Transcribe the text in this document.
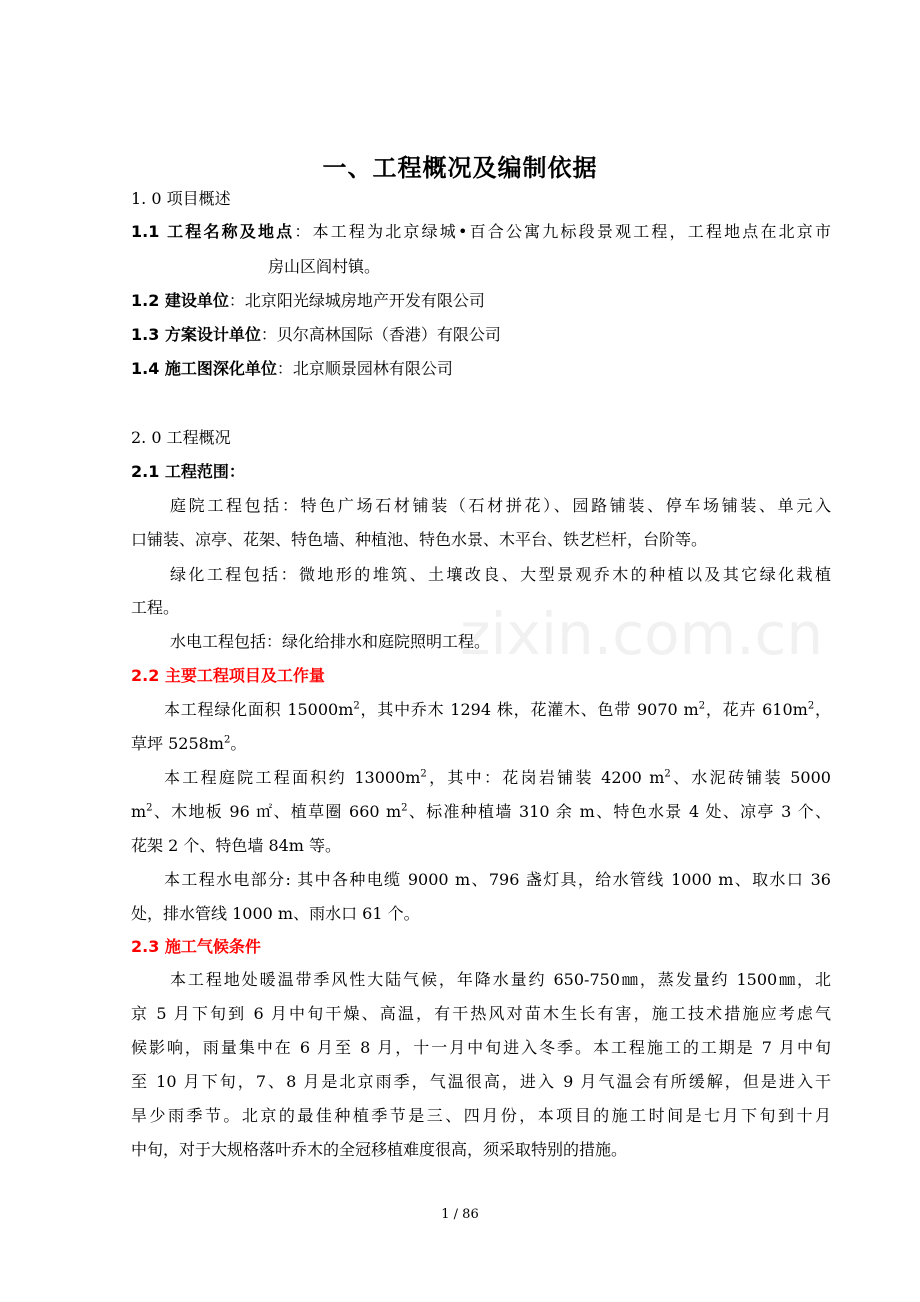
zixin.com.cn
一、工程概况及编制依据
1. 0 项目概述
1.1 工程名称及地点：本工程为北京绿城•百合公寓九标段景观工程，工程地点在北京市
房山区阎村镇。
1.2 建设单位：北京阳光绿城房地产开发有限公司
1.3 方案设计单位：贝尔高林国际（香港）有限公司
1.4 施工图深化单位：北京顺景园林有限公司
2. 0 工程概况
2.1 工程范围：
庭院工程包括：特色广场石材铺装（石材拼花）、园路铺装、停车场铺装、单元入
口铺装、凉亭、花架、特色墙、种植池、特色水景、木平台、铁艺栏杆，台阶等。
绿化工程包括：微地形的堆筑、土壤改良、大型景观乔木的种植以及其它绿化栽植
工程。
水电工程包括：绿化给排水和庭院照明工程。
2.2 主要工程项目及工作量
本工程绿化面积 $15000m^2$，其中乔木 1294 株，花灌木、色带 9070 $m^2$，花卉 $610m^2$，
草坪 $5258m^2$。
本工程庭院工程面积约 $13000m^2$，其中：花岗岩铺装 4200 $m^2$、水泥砖铺装 5000
$m^2$、木地板 96 ㎡、植草圈 660 $m^2$、标准种植墙 310 余 m、特色水景 4 处、凉亭 3 个、
花架 2 个、特色墙 84m 等。
本工程水电部分: 其中各种电缆 9000 m、796 盏灯具，给水管线 1000 m、取水口 36
处，排水管线 1000 m、雨水口 61 个。
2.3 施工气候条件
本工程地处暖温带季风性大陆气候，年降水量约 650-750㎜，蒸发量约 1500㎜，北
京 5 月下旬到 6 月中旬干燥、高温，有干热风对苗木生长有害，施工技术措施应考虑气
候影响，雨量集中在 6 月至 8 月，十一月中旬进入冬季。本工程施工的工期是 7 月中旬
至 10 月下旬，7、8 月是北京雨季，气温很高，进入 9 月气温会有所缓解，但是进入干
旱少雨季节。北京的最佳种植季节是三、四月份，本项目的施工时间是七月下旬到十月
中旬，对于大规格落叶乔木的全冠移植难度很高，须采取特别的措施。
1 / 86
